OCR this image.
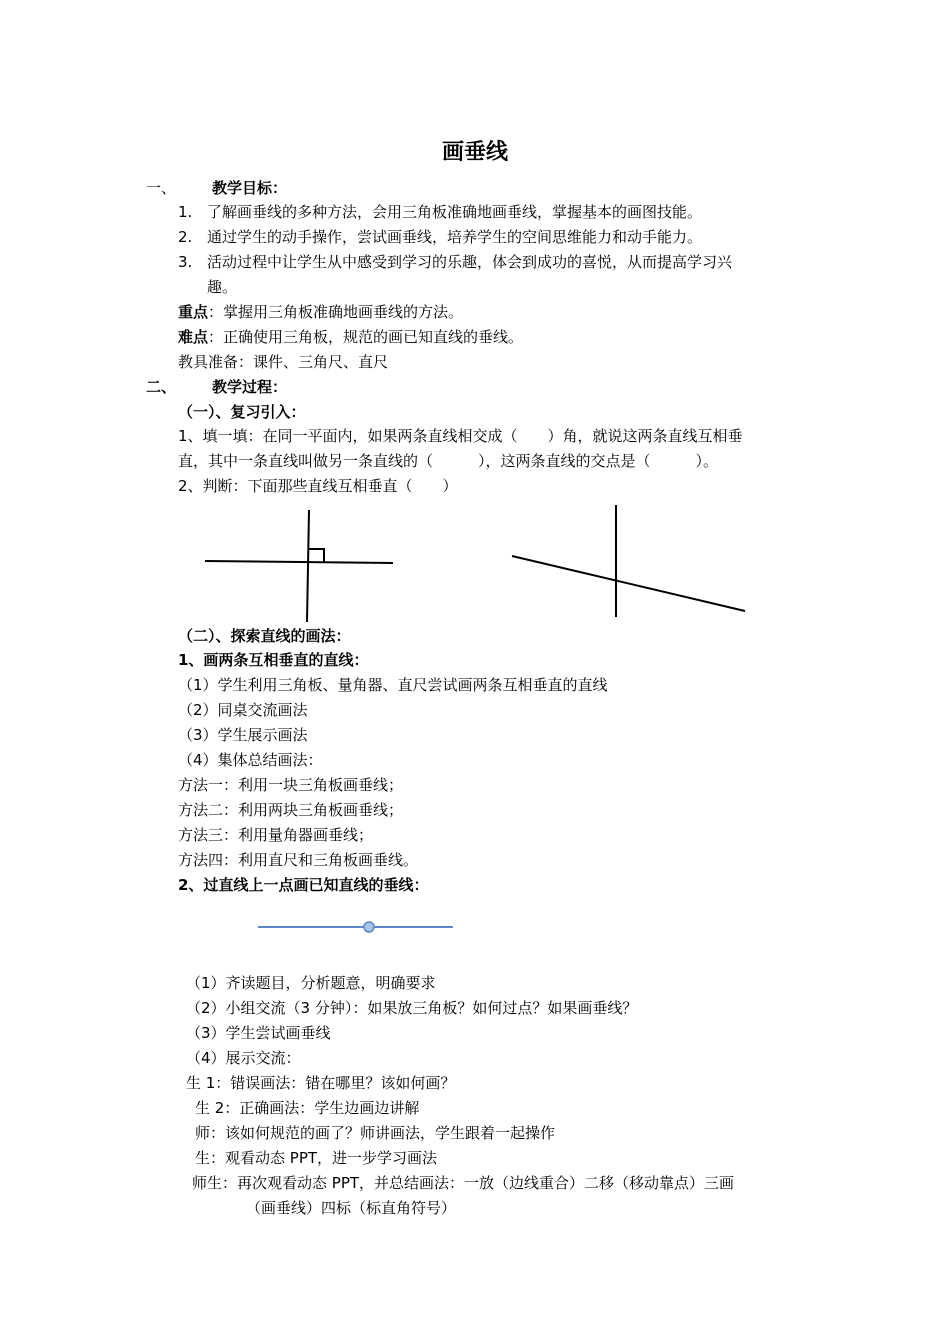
画垂线
一、 教学目标：
1. 了解画垂线的多种方法，会用三角板准确地画垂线，掌握基本的画图技能。
2. 通过学生的动手操作，尝试画垂线，培养学生的空间思维能力和动手能力。
3. 活动过程中让学生从中感受到学习的乐趣，体会到成功的喜悦，从而提高学习兴
趣。
重点：掌握用三角板准确地画垂线的方法。
难点：正确使用三角板，规范的画已知直线的垂线。
教具准备：课件、三角尺、直尺
二、 教学过程：
（一）、复习引入：
1、填一填：在同一平面内，如果两条直线相交成（　　）角，就说这两条直线互相垂
直，其中一条直线叫做另一条直线的（　　　），这两条直线的交点是（　　　）。
2、判断：下面那些直线互相垂直（　　）
（二）、探索直线的画法：
1、画两条互相垂直的直线：
（1）学生利用三角板、量角器、直尺尝试画两条互相垂直的直线
（2）同桌交流画法
（3）学生展示画法
（4）集体总结画法：
方法一：利用一块三角板画垂线；
方法二：利用两块三角板画垂线；
方法三：利用量角器画垂线；
方法四：利用直尺和三角板画垂线。
2、过直线上一点画已知直线的垂线：
（1）齐读题目，分析题意，明确要求
（2）小组交流（3 分钟）：如果放三角板？如何过点？如果画垂线？
（3）学生尝试画垂线
（4）展示交流：
生 1：错误画法：错在哪里？该如何画？
生 2：正确画法：学生边画边讲解
师：该如何规范的画了？师讲画法，学生跟着一起操作
生：观看动态 PPT，进一步学习画法
师生：再次观看动态 PPT，并总结画法：一放（边线重合）二移（移动靠点）三画
（画垂线）四标（标直角符号）
